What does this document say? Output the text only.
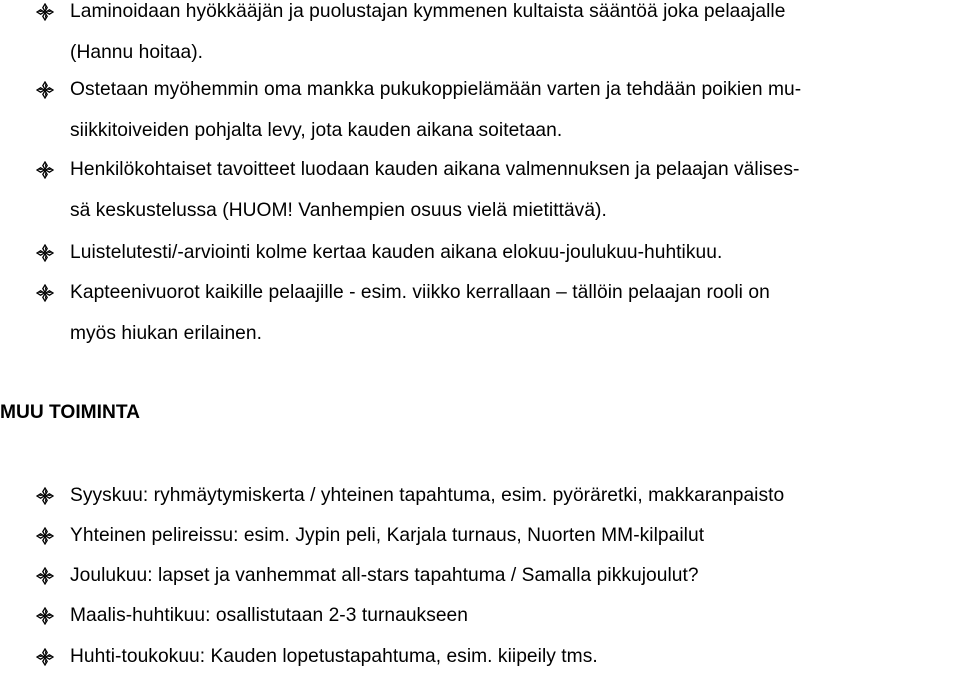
Laminoidaan hyökkääjän ja puolustajan kymmenen kultaista sääntöä joka pelaajalle
(Hannu hoitaa).
Ostetaan myöhemmin oma mankka pukukoppielämään varten ja tehdään poikien mu-
siikkitoiveiden pohjalta levy, jota kauden aikana soitetaan.
Henkilökohtaiset tavoitteet luodaan kauden aikana valmennuksen ja pelaajan välises-
sä keskustelussa (HUOM! Vanhempien osuus vielä mietittävä).
Luistelutesti/-arviointi kolme kertaa kauden aikana elokuu-joulukuu-huhtikuu.
Kapteenivuorot kaikille pelaajille - esim. viikko kerrallaan – tällöin pelaajan rooli on
myös hiukan erilainen.
MUU TOIMINTA
Syyskuu: ryhmäytymiskerta / yhteinen tapahtuma, esim. pyöräretki, makkaranpaisto
Yhteinen pelireissu: esim. Jypin peli, Karjala turnaus, Nuorten MM-kilpailut
Joulukuu: lapset ja vanhemmat all-stars tapahtuma / Samalla pikkujoulut?
Maalis-huhtikuu: osallistutaan 2-3 turnaukseen
Huhti-toukokuu: Kauden lopetustapahtuma, esim. kiipeily tms.
